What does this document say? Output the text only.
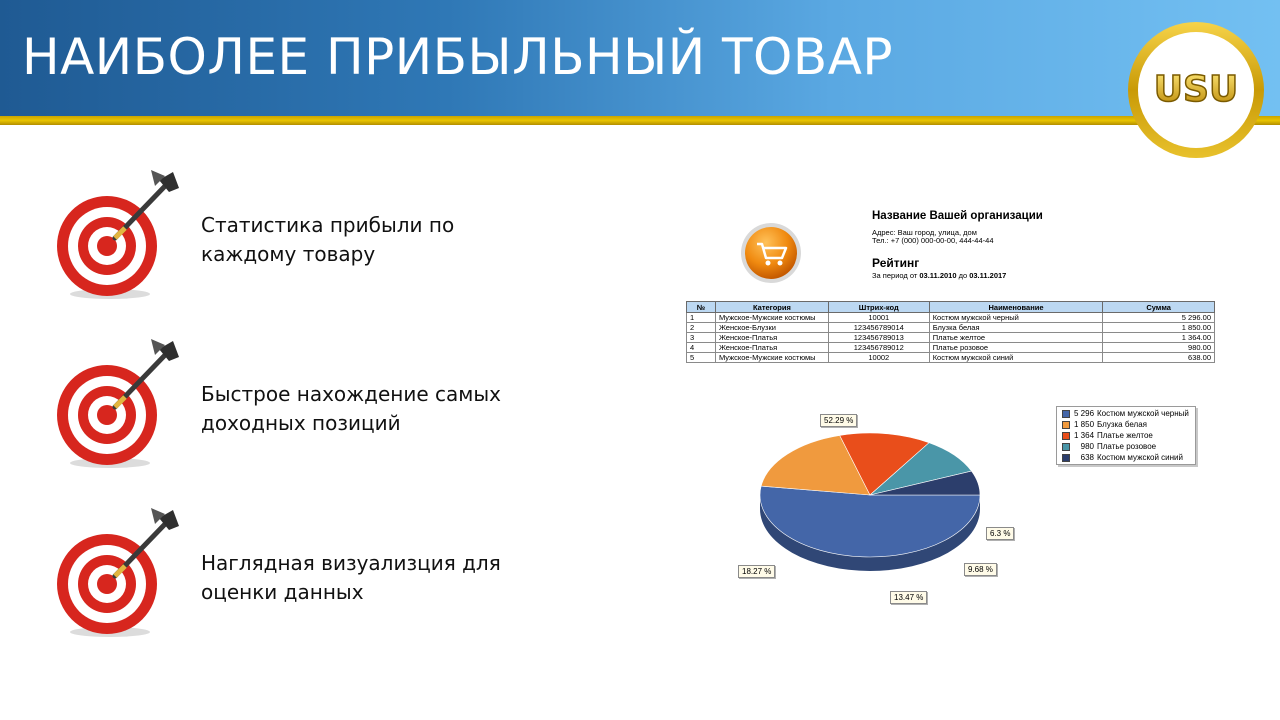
НАИБОЛЕЕ ПРИБЫЛЬНЫЙ ТОВАР
USU
Статистика прибыли по
каждому товару
Быстрое нахождение самых
доходных позиций
Наглядная визуализция для
оценки данных
Название Вашей организации
Адрес: Ваш город, улица, дом
Тел.: +7 (000) 000-00-00, 444-44-44
Рейтинг
За период от 03.11.2010 до 03.11.2017
№	Категория	Штрих-код	Наименование	Сумма
1	Мужское-Мужские костюмы	10001	Костюм мужской черный	5 296.00
2	Женское-Блузки	123456789014	Блузка белая	1 850.00
3	Женское-Платья	123456789013	Платье желтое	1 364.00
4	Женское-Платья	123456789012	Платье розовое	980.00
5	Мужское-Мужские костюмы	10002	Костюм мужской синий	638.00
5 296 Костюм мужской черный
1 850 Блузка белая
1 364 Платье желтое
980 Платье розовое
638 Костюм мужской синий
52.29 %
18.27 %
13.47 %
9.68 %
6.3 %
